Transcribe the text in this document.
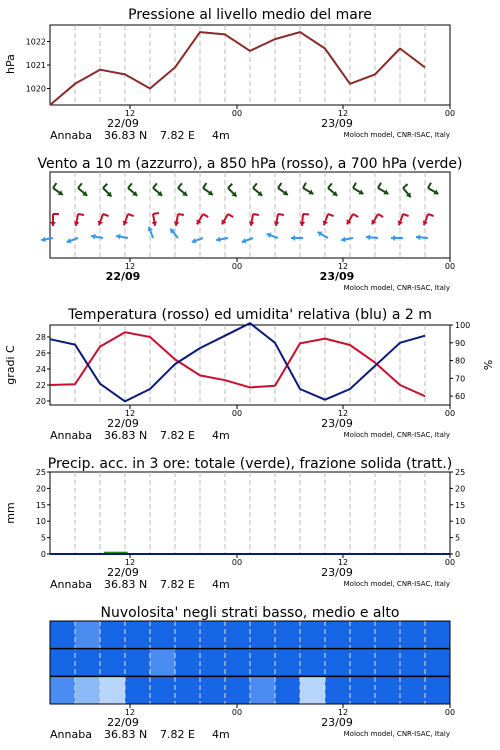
Pressione al livello medio del mare
1020
1021
1022
hPa
12	00	12	00
22/09	23/09
Annaba 36.83 N 7.82 E 4m	Moloch model, CNR-ISAC, Italy
Vento a 10 m (azzurro), a 850 hPa (rosso), a 700 hPa (verde)
12	00	12	00
22/09	23/09
Moloch model, CNR-ISAC, Italy
Temperatura (rosso) ed umidita' relativa (blu) a 2 m
20
22
24
26
28
60
70
80
90
100
gradi C	%
12	00	12	00
22/09	23/09
Annaba 36.83 N 7.82 E 4m	Moloch model, CNR-ISAC, Italy
Precip. acc. in 3 ore: totale (verde), frazione solida (tratt.)
0
5
10
15
20
25
0
5
10
15
20
25
mm
12	00	12	00
22/09	23/09
Annaba 36.83 N 7.82 E 4m	Moloch model, CNR-ISAC, Italy
Nuvolosita' negli strati basso, medio e alto
12	00	12	00
22/09	23/09
Annaba 36.83 N 7.82 E 4m	Moloch model, CNR-ISAC, Italy
